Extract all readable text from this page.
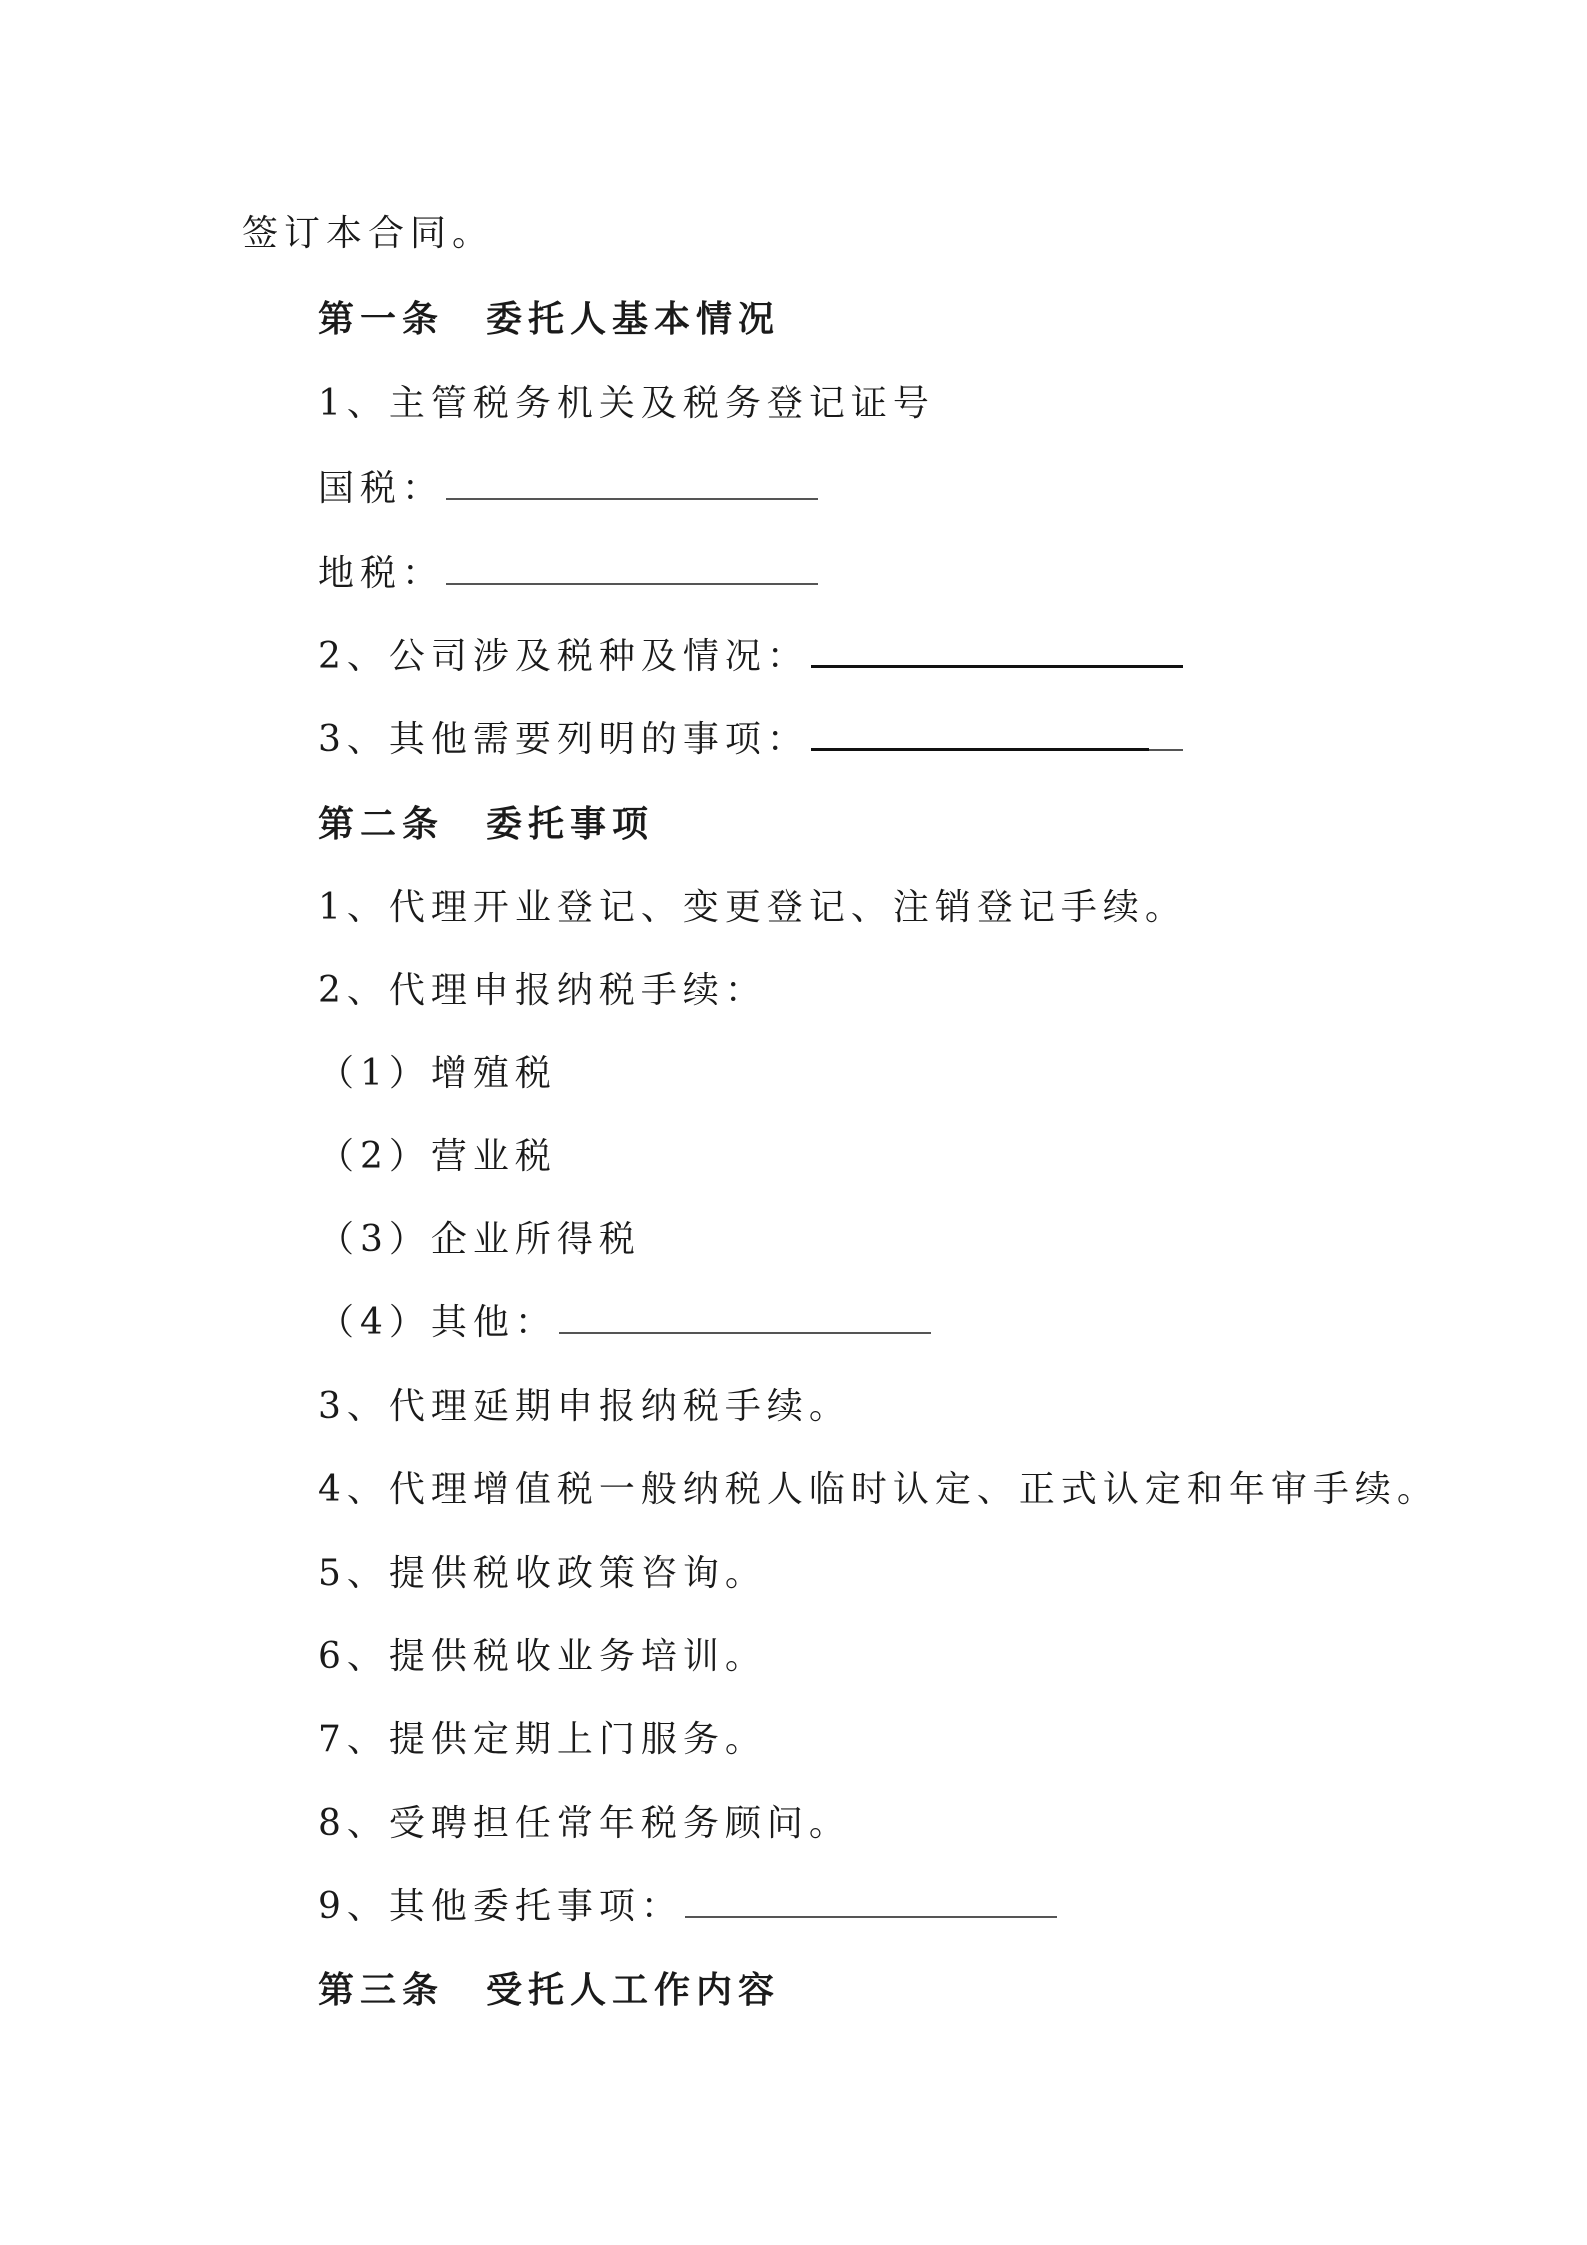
签订本合同。
第一条　委托人基本情况
1、主管税务机关及税务登记证号
国税：
地税：
2、公司涉及税种及情况：
3、其他需要列明的事项：
第二条　委托事项
1、代理开业登记、变更登记、注销登记手续。
2、代理申报纳税手续：
（1）增殖税
（2）营业税
（3）企业所得税
（4）其他：
3、代理延期申报纳税手续。
4、代理增值税一般纳税人临时认定、正式认定和年审手续。
5、提供税收政策咨询。
6、提供税收业务培训。
7、提供定期上门服务。
8、受聘担任常年税务顾问。
9、其他委托事项：
第三条　受托人工作内容
